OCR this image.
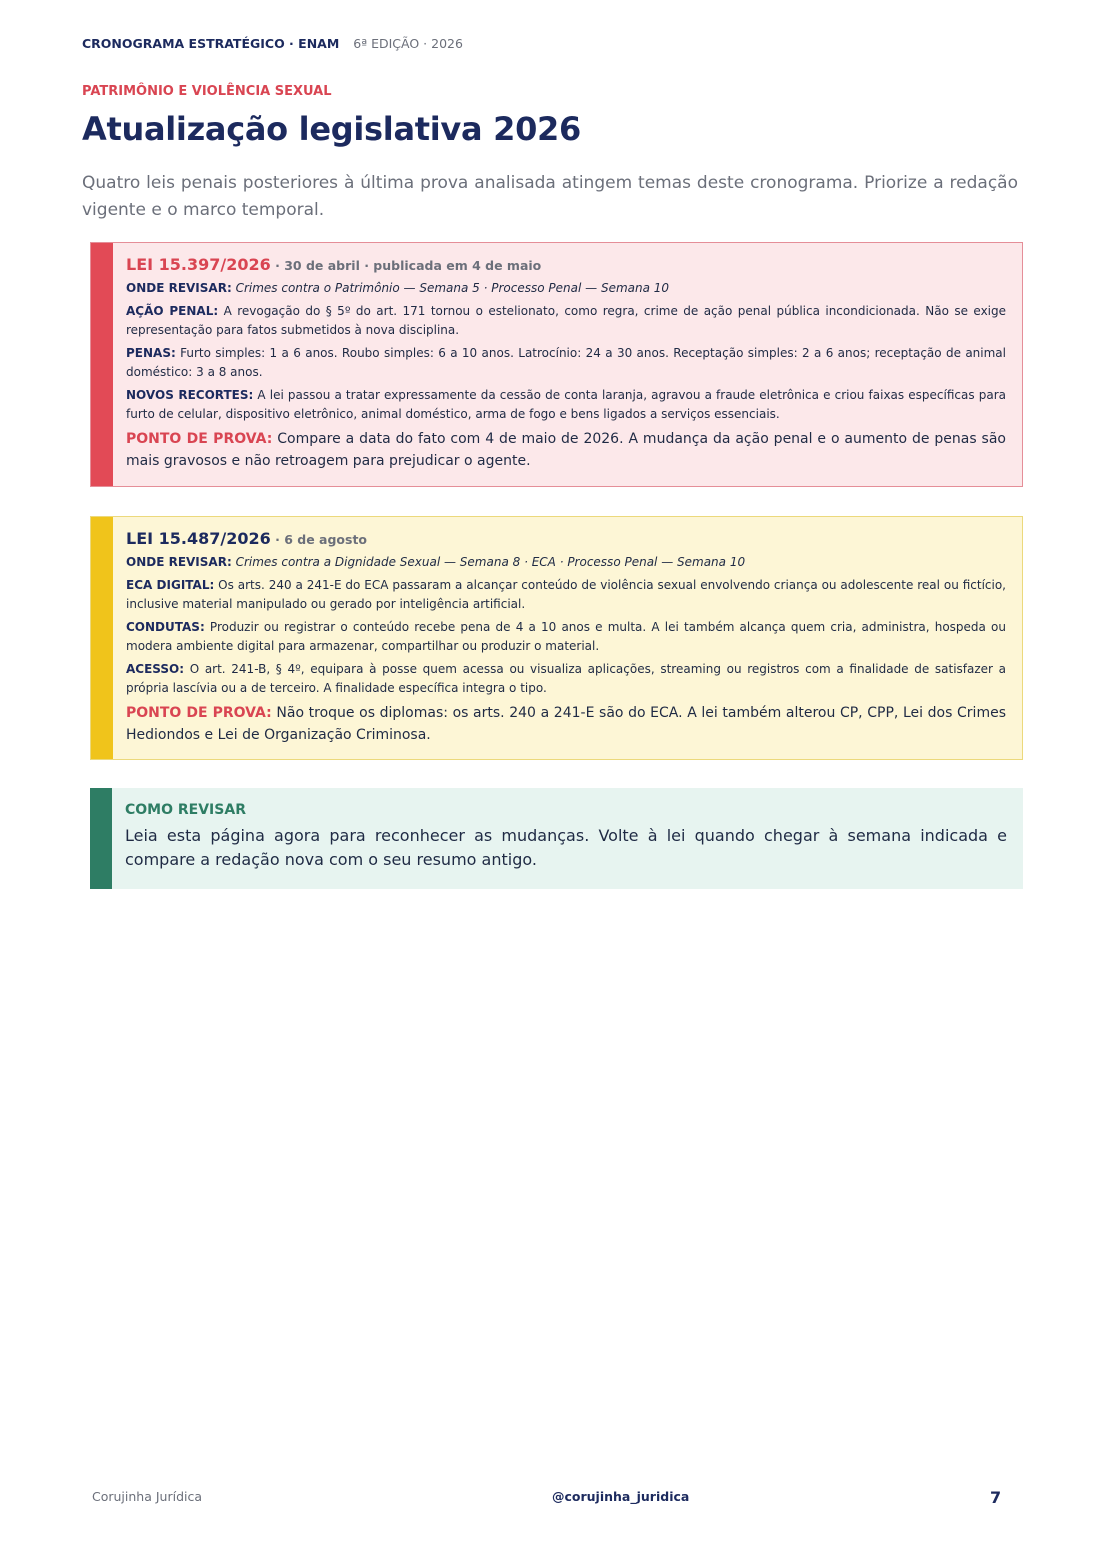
CRONOGRAMA ESTRATÉGICO · ENAM 6ª EDIÇÃO · 2026
PATRIMÔNIO E VIOLÊNCIA SEXUAL
Atualização legislativa 2026

Quatro leis penais posteriores à última prova analisada atingem temas deste cronograma. Priorize a redação vigente e o marco temporal.

LEI 15.397/2026 · 30 de abril · publicada em 4 de maio
ONDE REVISAR: Crimes contra o Patrimônio — Semana 5 · Processo Penal — Semana 10
AÇÃO PENAL: A revogação do § 5º do art. 171 tornou o estelionato, como regra, crime de ação penal pública incondicionada. Não se exige representação para fatos submetidos à nova disciplina.
PENAS: Furto simples: 1 a 6 anos. Roubo simples: 6 a 10 anos. Latrocínio: 24 a 30 anos. Receptação simples: 2 a 6 anos; receptação de animal doméstico: 3 a 8 anos.
NOVOS RECORTES: A lei passou a tratar expressamente da cessão de conta laranja, agravou a fraude eletrônica e criou faixas específicas para furto de celular, dispositivo eletrônico, animal doméstico, arma de fogo e bens ligados a serviços essenciais.
PONTO DE PROVA: Compare a data do fato com 4 de maio de 2026. A mudança da ação penal e o aumento de penas são mais gravosos e não retroagem para prejudicar o agente.
LEI 15.487/2026 · 6 de agosto
ONDE REVISAR: Crimes contra a Dignidade Sexual — Semana 8 · ECA · Processo Penal — Semana 10
ECA DIGITAL: Os arts. 240 a 241-E do ECA passaram a alcançar conteúdo de violência sexual envolvendo criança ou adolescente real ou fictício, inclusive material manipulado ou gerado por inteligência artificial.
CONDUTAS: Produzir ou registrar o conteúdo recebe pena de 4 a 10 anos e multa. A lei também alcança quem cria, administra, hospeda ou modera ambiente digital para armazenar, compartilhar ou produzir o material.
ACESSO: O art. 241-B, § 4º, equipara à posse quem acessa ou visualiza aplicações, streaming ou registros com a finalidade de satisfazer a própria lascívia ou a de terceiro. A finalidade específica integra o tipo.
PONTO DE PROVA: Não troque os diplomas: os arts. 240 a 241-E são do ECA. A lei também alterou CP, CPP, Lei dos Crimes Hediondos e Lei de Organização Criminosa.
COMO REVISAR
Leia esta página agora para reconhecer as mudanças. Volte à lei quando chegar à semana indicada e compare a redação nova com o seu resumo antigo.
Corujinha Jurídica	@corujinha_juridica	7
